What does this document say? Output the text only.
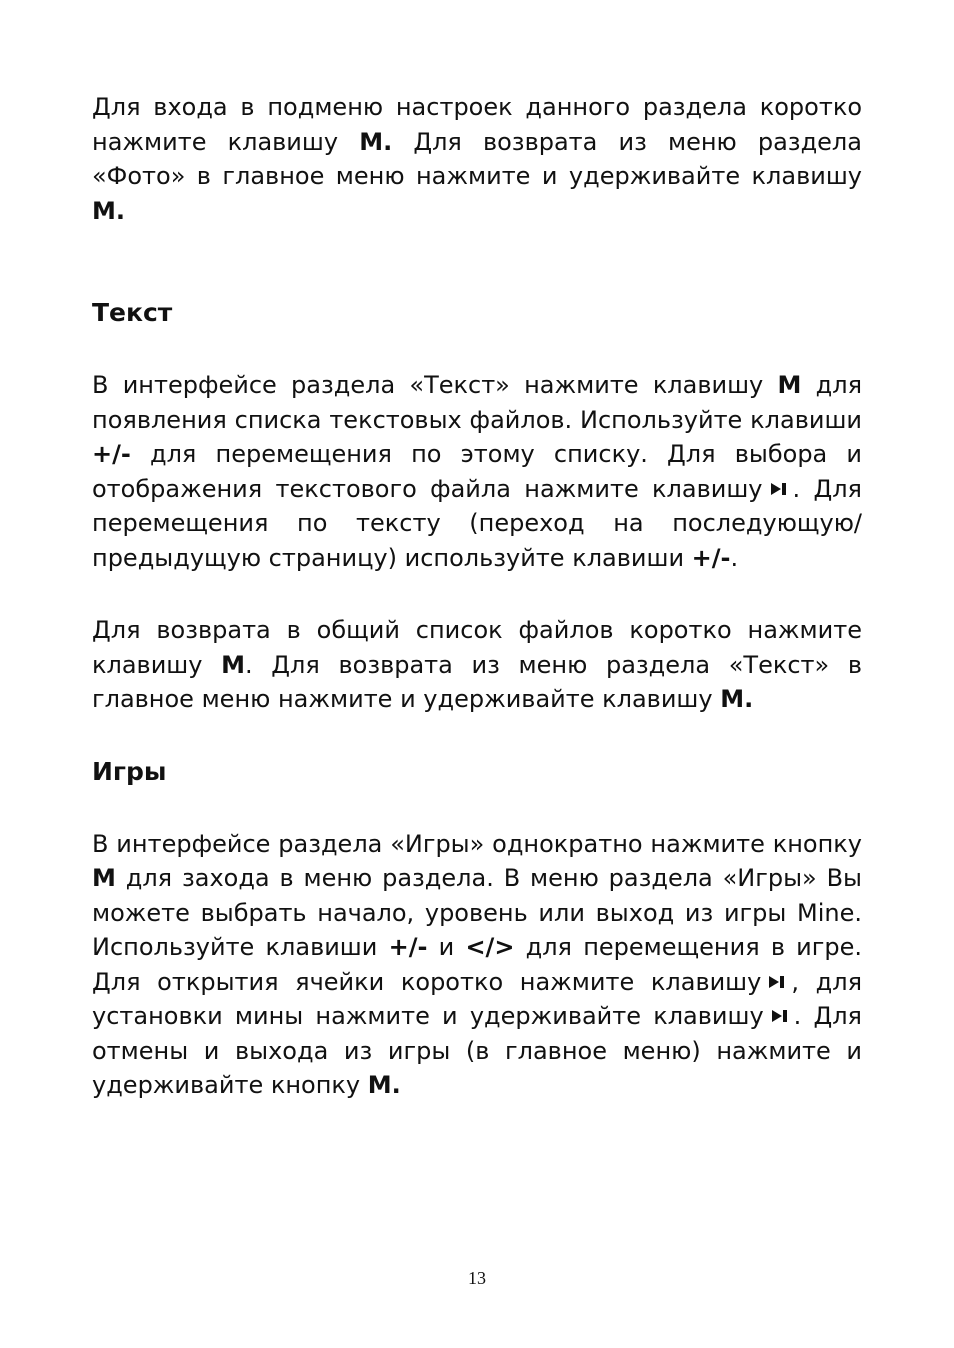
Для входа в подменю настроек данного раздела коротко нажмите клавишу M. Для возврата из меню раздела «Фото» в главное меню нажмите и удерживайте клавишу M.

Текст

В интерфейсе раздела «Текст» нажмите клавишу M для появления списка текстовых файлов. Используйте клавиши +/- для перемещения по этому списку. Для выбора и отображения текстового файла нажмите клавишу . Для перемещения по тексту (переход на последующую/ предыдущую страницу) используйте клавиши +/-.

Для возврата в общий список файлов коротко нажмите клавишу M. Для возврата из меню раздела «Текст» в главное меню нажмите и удерживайте клавишу M.

Игры

В интерфейсе раздела «Игры» однократно нажмите кнопку M для захода в меню раздела. В меню раздела «Игры» Вы можете выбрать начало, уровень или выход из игры Mine. Используйте клавиши +/- и </> для перемещения в игре. Для открытия ячейки коротко нажмите клавишу , для установки мины нажмите и удерживайте клавишу . Для отмены и выхода из игры (в главное меню) нажмите и удерживайте кнопку M.

13
